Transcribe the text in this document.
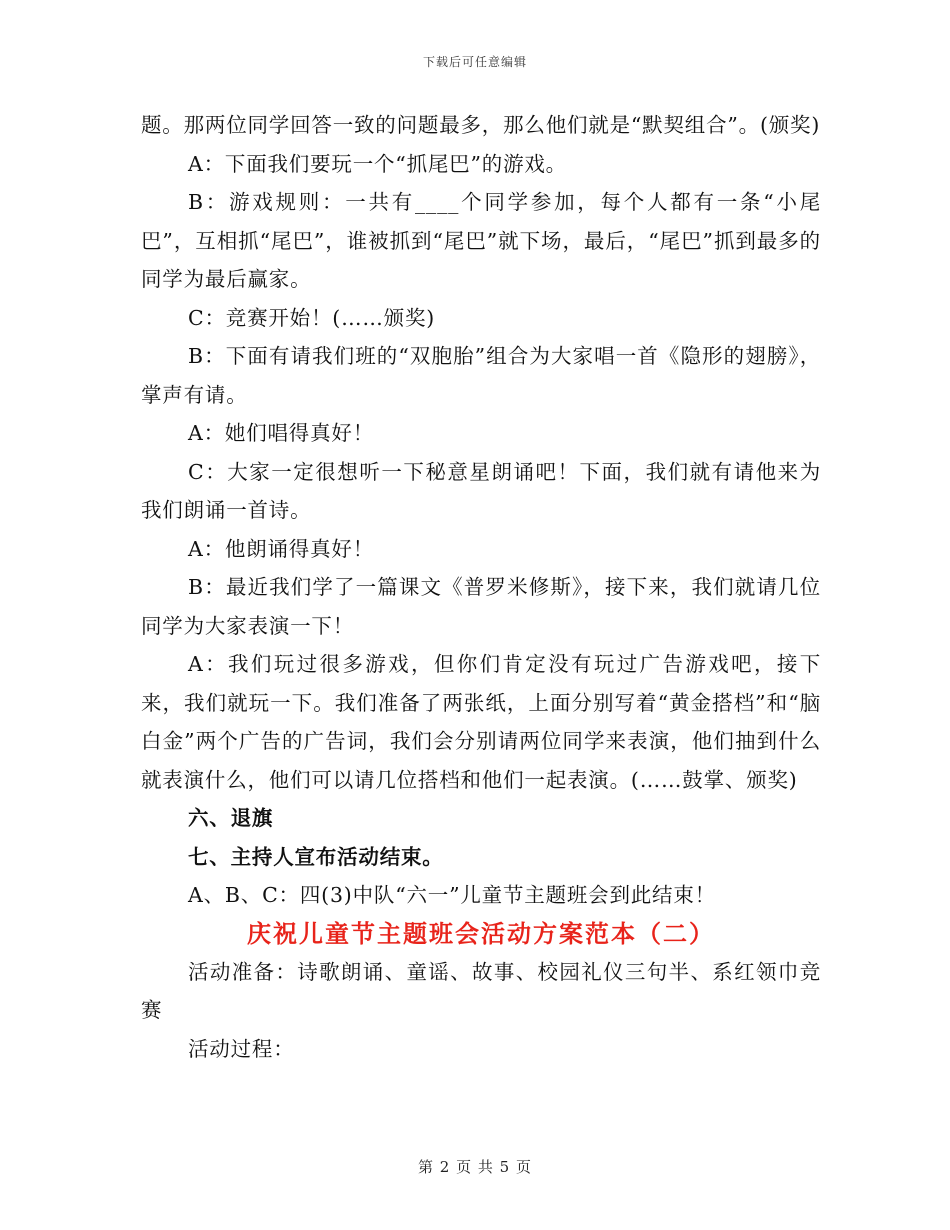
下载后可任意编辑

题。那两位同学回答一致的问题最多，那么他们就是“默契组合”。(颁奖)

A：下面我们要玩一个“抓尾巴”的游戏。

B：游戏规则：一共有____个同学参加，每个人都有一条“小尾巴”，互相抓“尾巴”，谁被抓到“尾巴”就下场，最后，“尾巴”抓到最多的同学为最后赢家。

C：竞赛开始！(……颁奖)

B：下面有请我们班的“双胞胎”组合为大家唱一首《隐形的翅膀》，掌声有请。

A：她们唱得真好！

C：大家一定很想听一下秘意星朗诵吧！下面，我们就有请他来为我们朗诵一首诗。

A：他朗诵得真好！

B：最近我们学了一篇课文《普罗米修斯》，接下来，我们就请几位同学为大家表演一下！

A：我们玩过很多游戏，但你们肯定没有玩过广告游戏吧，接下来，我们就玩一下。我们准备了两张纸，上面分别写着“黄金搭档”和“脑白金”两个广告的广告词，我们会分别请两位同学来表演，他们抽到什么就表演什么，他们可以请几位搭档和他们一起表演。(……鼓掌、颁奖)

六、退旗

七、主持人宣布活动结束。

A、B、C：四(3)中队“六一”儿童节主题班会到此结束！

庆祝儿童节主题班会活动方案范本（二）

活动准备：诗歌朗诵、童谣、故事、校园礼仪三句半、系红领巾竞赛

活动过程：

第 2 页 共 5 页
